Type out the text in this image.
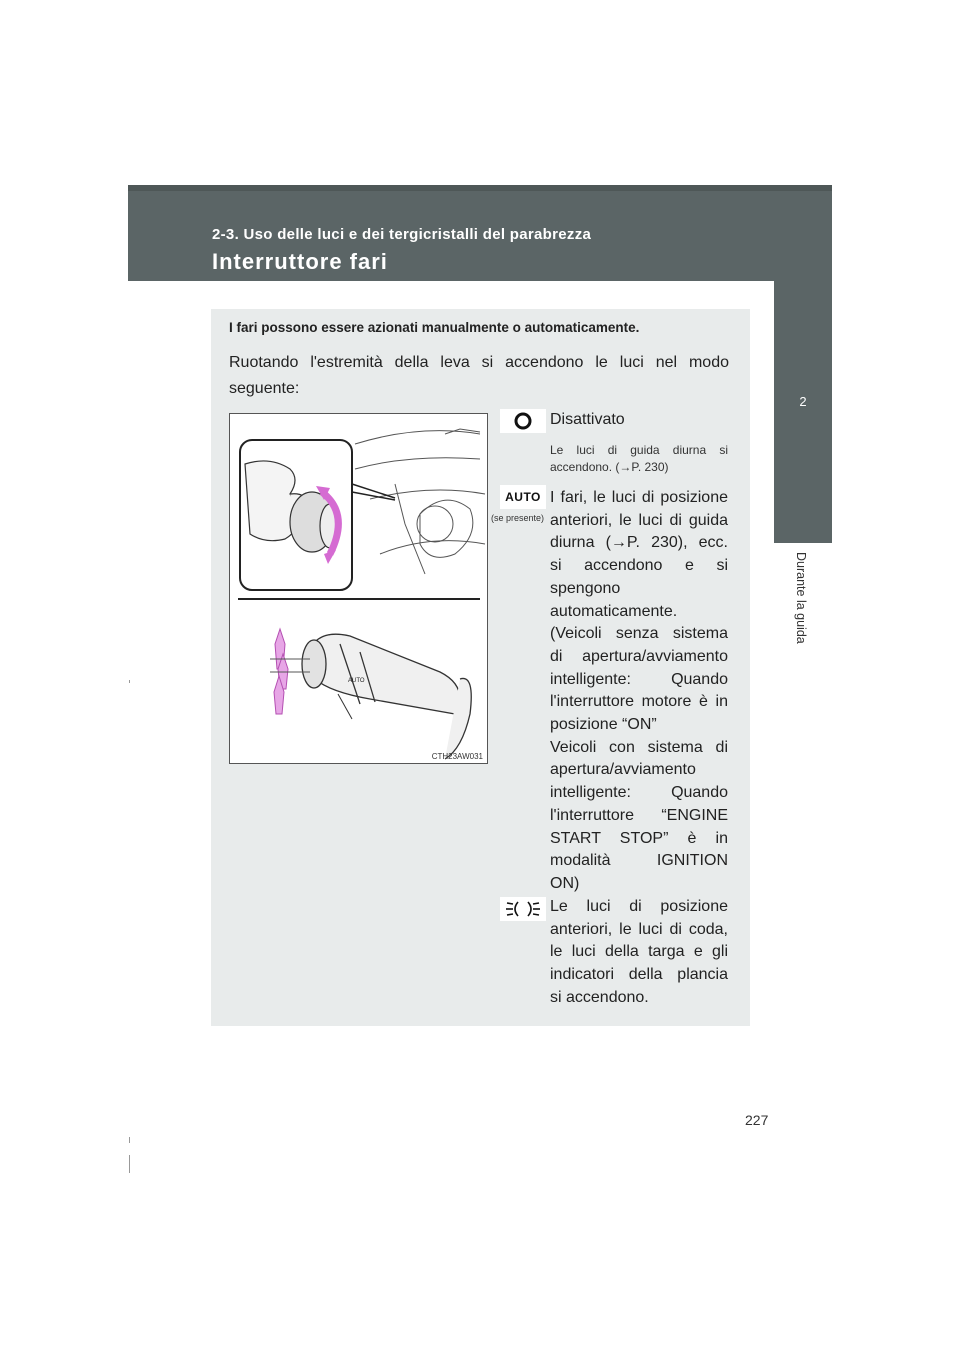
2-3. Uso delle luci e dei tergicristalli del parabrezza
Interruttore fari
2
Durante la guida
I fari possono essere azionati manualmente o automaticamente.
Ruotando l'estremità della leva si accendono le luci nel modo seguente:
AUTO
CTH23AW031
Disattivato
Le luci di guida diurna si accendono. (→P. 230)
AUTO
(se presente)
I fari, le luci di posizione
anteriori, le luci di guida
diurna (→P. 230), ecc.
si accendono e si
spengono
automaticamente.
(Veicoli senza sistema
di apertura/avviamento
intelligente: Quando
l'interruttore motore è in
posizione “ON”
Veicoli con sistema di
apertura/avviamento
intelligente: Quando
l'interruttore “ENGINE
START STOP” è in
modalità IGNITION
ON)
Le luci di posizione
anteriori, le luci di coda,
le luci della targa e gli
indicatori della plancia
si accendono.
227
